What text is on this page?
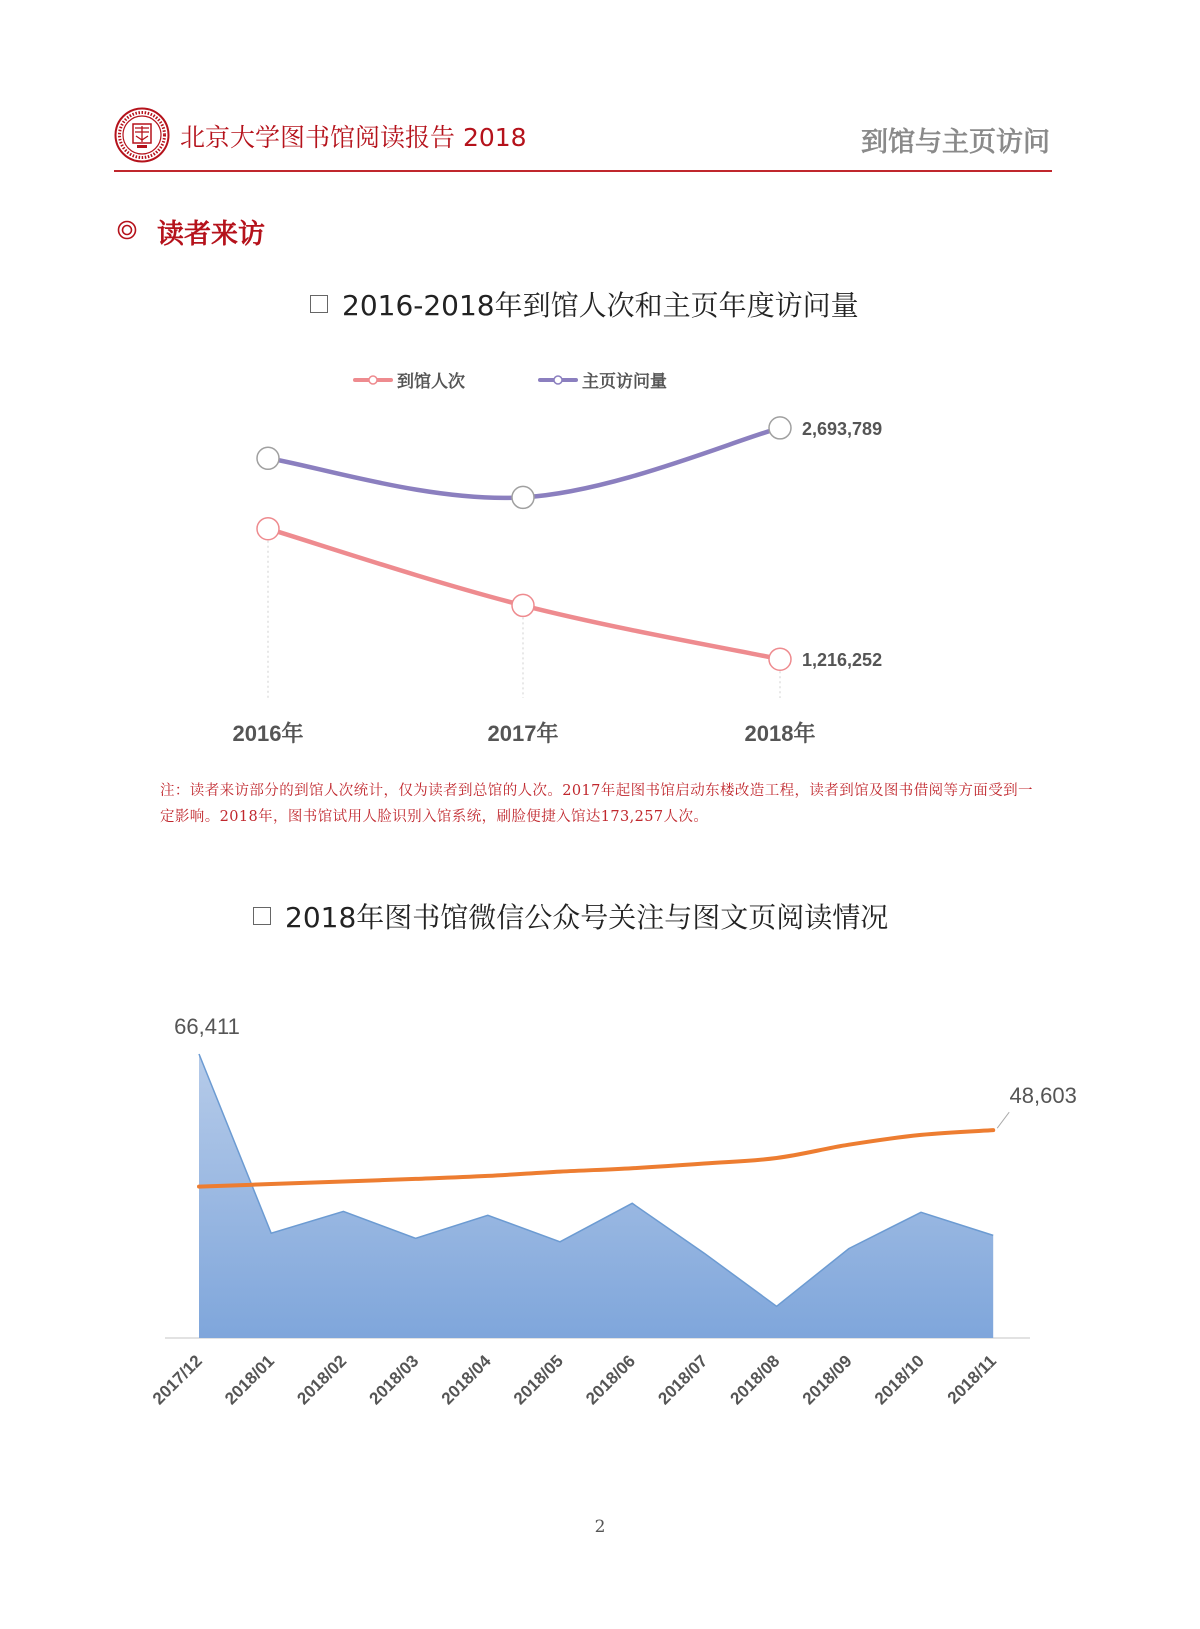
北京大学图书馆阅读报告 2018	到馆与主页访问
读者来访
2016-2018年到馆人次和主页年度访问量
到馆人次	主页访问量
1,216,252
2,693,789
2016年	2017年	2018年
注：读者来访部分的到馆人次统计，仅为读者到总馆的人次。2017年起图书馆启动东楼改造工程，读者到馆及图书借阅等方面受到一定影响。2018年，图书馆试用人脸识别入馆系统，刷脸便捷入馆达173,257人次。
2018年图书馆微信公众号关注与图文页阅读情况
66,411
48,603
2017/12 2018/01 2018/02 2018/03 2018/04 2018/05 2018/06 2018/07 2018/08 2018/09 2018/10 2018/11
2
